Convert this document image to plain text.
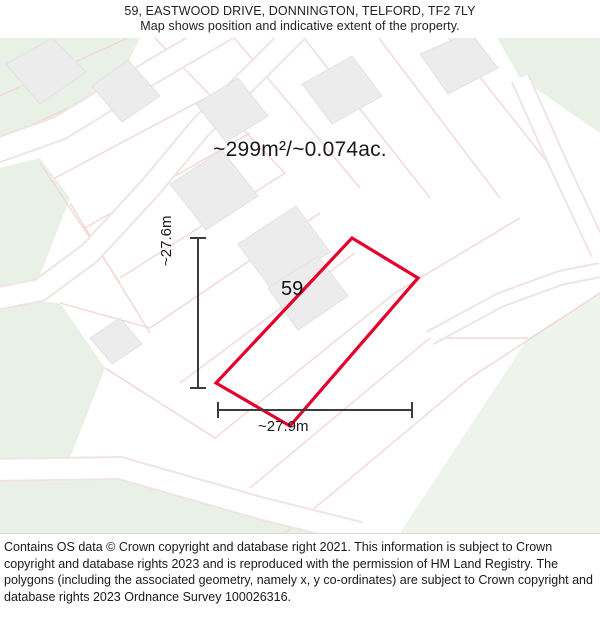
59, EASTWOOD DRIVE, DONNINGTON, TELFORD, TF2 7LY
Map shows position and indicative extent of the property.
~299m²/~0.074ac.
59
~27.9m
Contains OS data © Crown copyright and database right 2021. This information is subject to Crown copyright and database rights 2023 and is reproduced with the permission of HM Land Registry. The polygons (including the associated geometry, namely x, y co-ordinates) are subject to Crown copyright and database rights 2023 Ordnance Survey 100026316.
